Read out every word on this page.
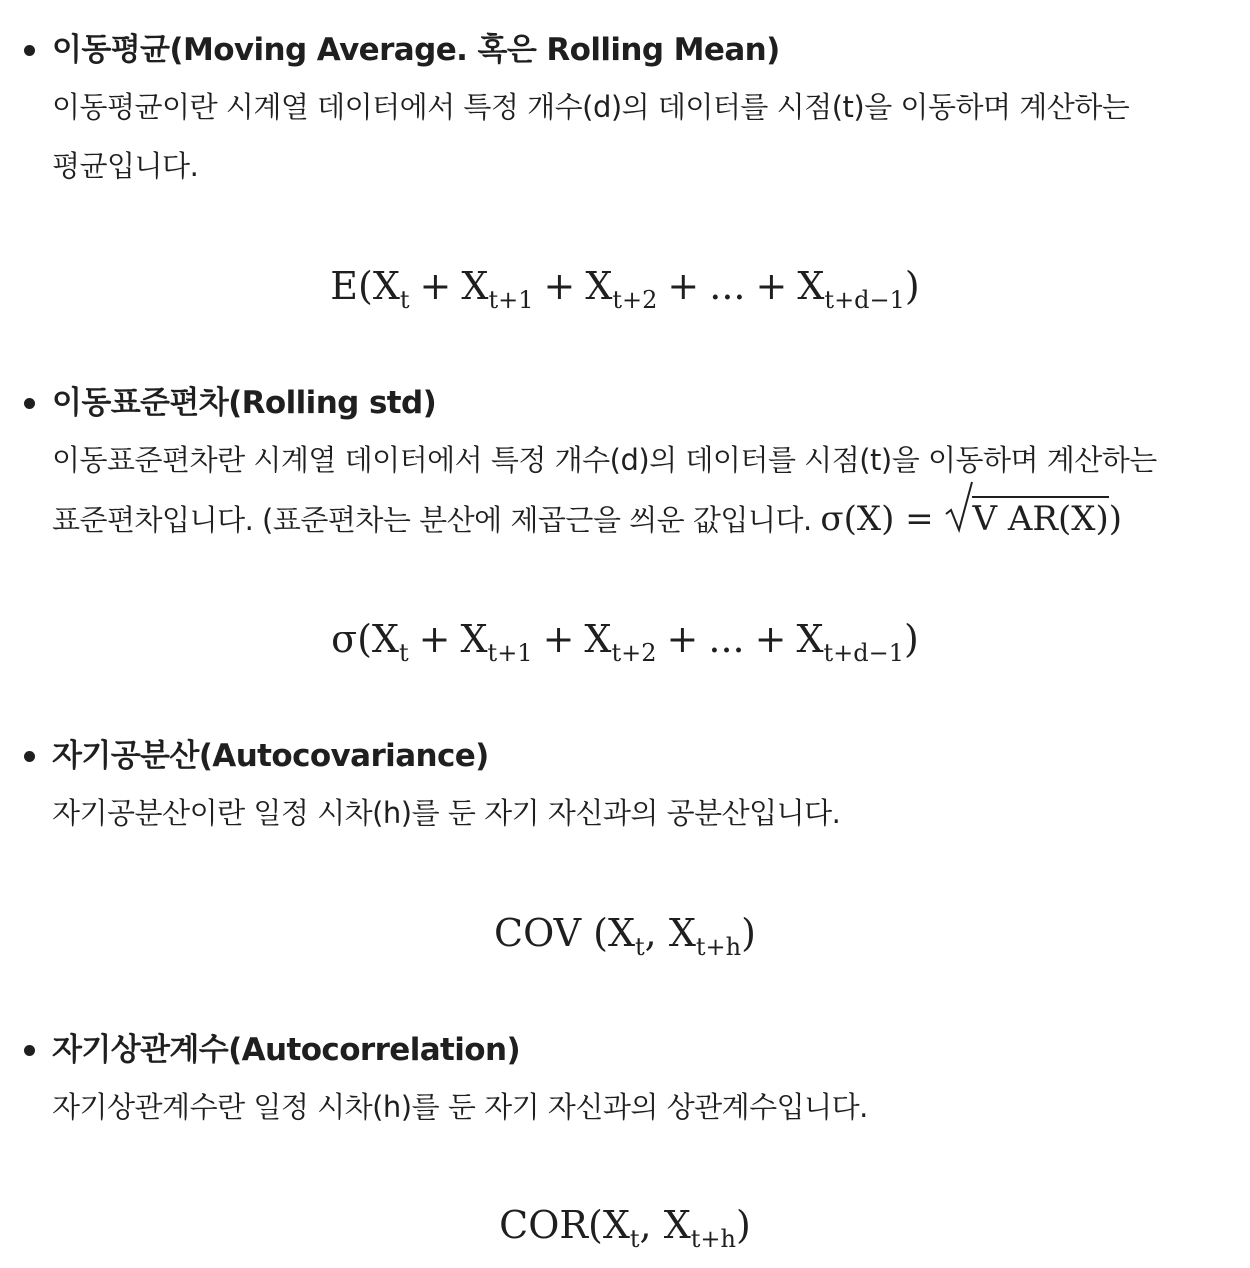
이동평균(Moving Average. 혹은 Rolling Mean)
이동평균이란 시계열 데이터에서 특정 개수(d)의 데이터를 시점(t)을 이동하며 계산하는
평균입니다.
$E(X_t + X_{t+1} + X_{t+2}$ + ... + $X_{t+d-1}$)
이동표준편차(Rolling std)
이동표준편차란 시계열 데이터에서 특정 개수(d)의 데이터를 시점(t)을 이동하며 계산하는
표준편차입니다. (표준편차는 분산에 제곱근을 씌운 값입니다. σ(X) = V AR(X))
$\sigma(X_t + X_{t+1} + X_{t+2}$ + ... + $X_{t+d-1}$)
자기공분산(Autocovariance)
자기공분산이란 일정 시차(h)를 둔 자기 자신과의 공분산입니다.
COV ($X_t$, $X_{t+h}$)
자기상관계수(Autocorrelation)
자기상관계수란 일정 시차(h)를 둔 자기 자신과의 상관계수입니다.
$COR(X_t$, $X_{t+h}$)
